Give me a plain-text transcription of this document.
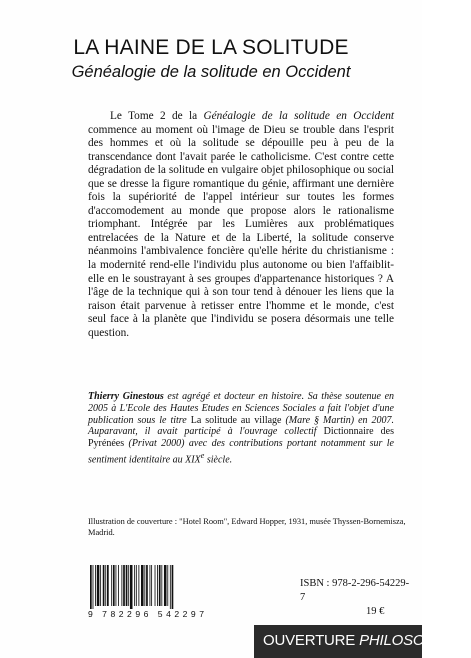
LA HAINE DE LA SOLITUDE
Généalogie de la solitude en Occident

Le Tome 2 de la Généalogie de la solitude en Occident commence au moment où l'image de Dieu se trouble dans l'esprit des hommes et où la solitude se dépouille peu à peu de la transcendance dont l'avait parée le catholicisme. C'est contre cette dégradation de la solitude en vulgaire objet philosophique ou social que se dresse la figure romantique du génie, affirmant une dernière fois la supériorité de l'appel intérieur sur toutes les formes d'accomodement au monde que propose alors le rationalisme triomphant. Intégrée par les Lumières aux problématiques entrelacées de la Nature et de la Liberté, la solitude conserve néanmoins l'ambivalence foncière qu'elle hérite du christianisme : la modernité rend-elle l'individu plus autonome ou bien l'affaiblit-elle en le soustrayant à ses groupes d'appartenance historiques ? A l'âge de la technique qui à son tour tend à dénouer les liens que la raison était parvenue à retisser entre l'homme et le monde, c'est seul face à la planète que l'individu se posera désormais une telle question.

Thierry Ginestous est agrégé et docteur en histoire. Sa thèse soutenue en 2005 à L'Ecole des Hautes Etudes en Sciences Sociales a fait l'objet d'une publication sous le titre La solitude au village (Mare § Martin) en 2007. Auparavant, il avait participé à l'ouvrage collectif Dictionnaire des Pyrénées (Privat 2000) avec des contributions portant notamment sur le sentiment identitaire au XIXe siècle.
Illustration de couverture : "Hotel Room", Edward Hopper, 1931, musée Thyssen-Bornemisza, Madrid.
9 782296 542297
ISBN : 978-2-296-54229-7
19 €
OUVERTURE PHILOSOPHIQU
